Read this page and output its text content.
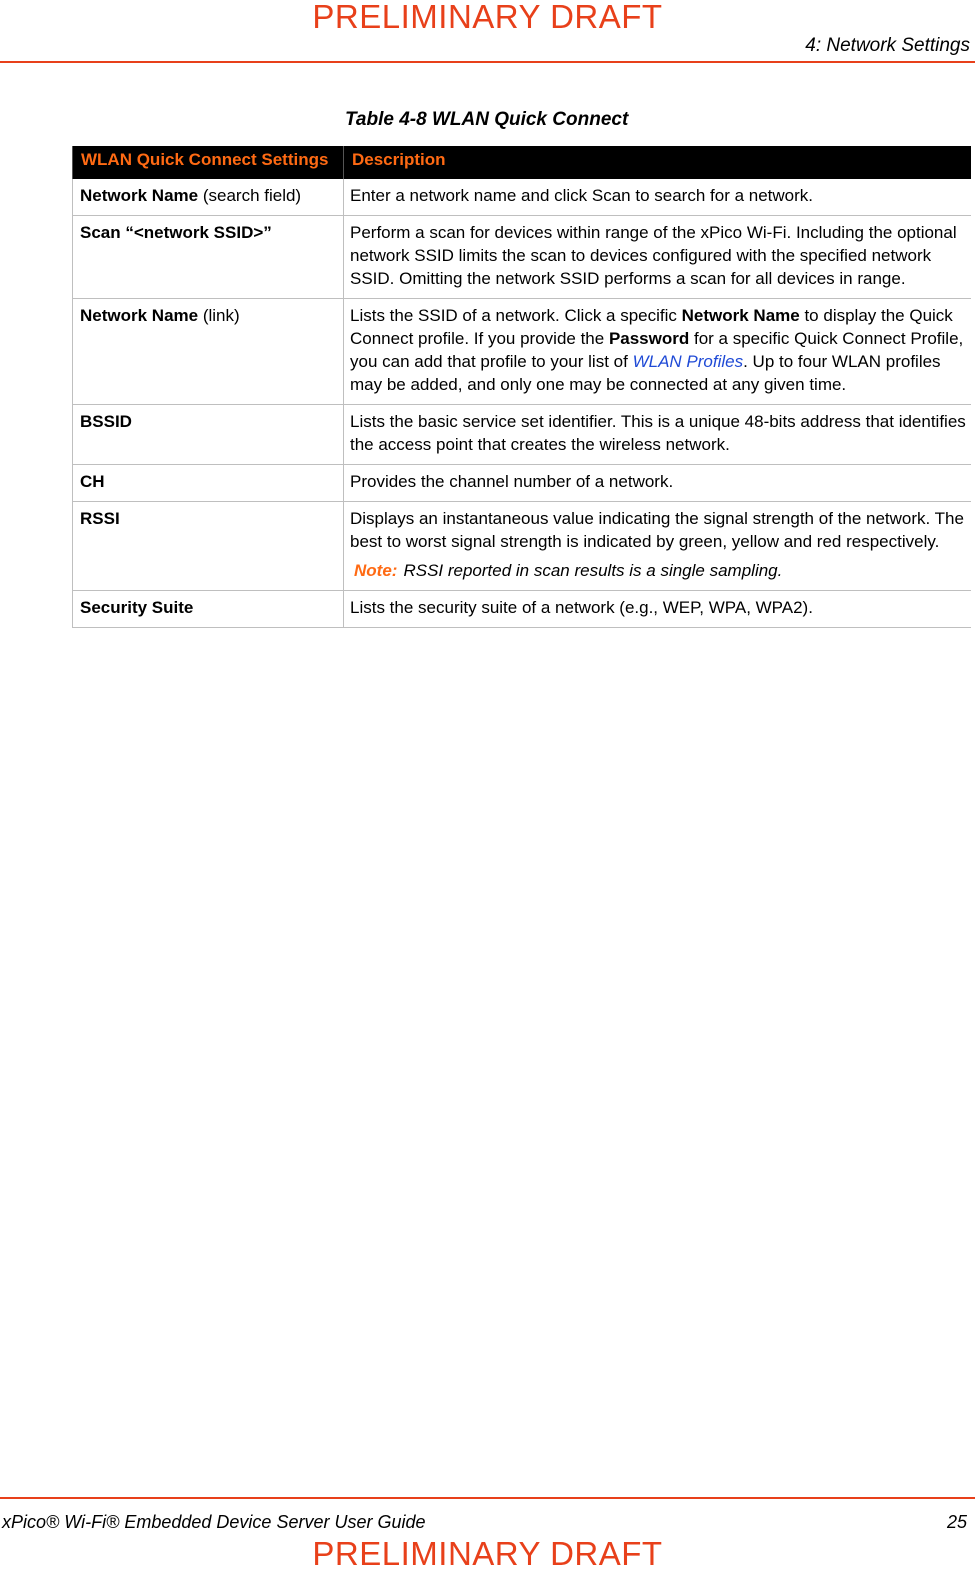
PRELIMINARY DRAFT
4: Network Settings
Table 4-8 WLAN Quick Connect
WLAN Quick Connect Settings	Description
Network Name (search field)	Enter a network name and click Scan to search for a network.
Scan “<network SSID>”	Perform a scan for devices within range of the xPico Wi-Fi. Including the optional network SSID limits the scan to devices configured with the specified network SSID. Omitting the network SSID performs a scan for all devices in range.
Network Name (link)	Lists the SSID of a network. Click a specific Network Name to display the Quick Connect profile. If you provide the Password for a specific Quick Connect Profile, you can add that profile to your list of WLAN Profiles. Up to four WLAN profiles may be added, and only one may be connected at any given time.
BSSID	Lists the basic service set identifier. This is a unique 48-bits address that identifies the access point that creates the wireless network.
CH	Provides the channel number of a network.
RSSI	Displays an instantaneous value indicating the signal strength of the network. The best to worst signal strength is indicated by green, yellow and red respectively.

Note: RSSI reported in scan results is a single sampling.

Security Suite	Lists the security suite of a network (e.g., WEP, WPA, WPA2).
xPico® Wi-Fi® Embedded Device Server User Guide	25
PRELIMINARY DRAFT
